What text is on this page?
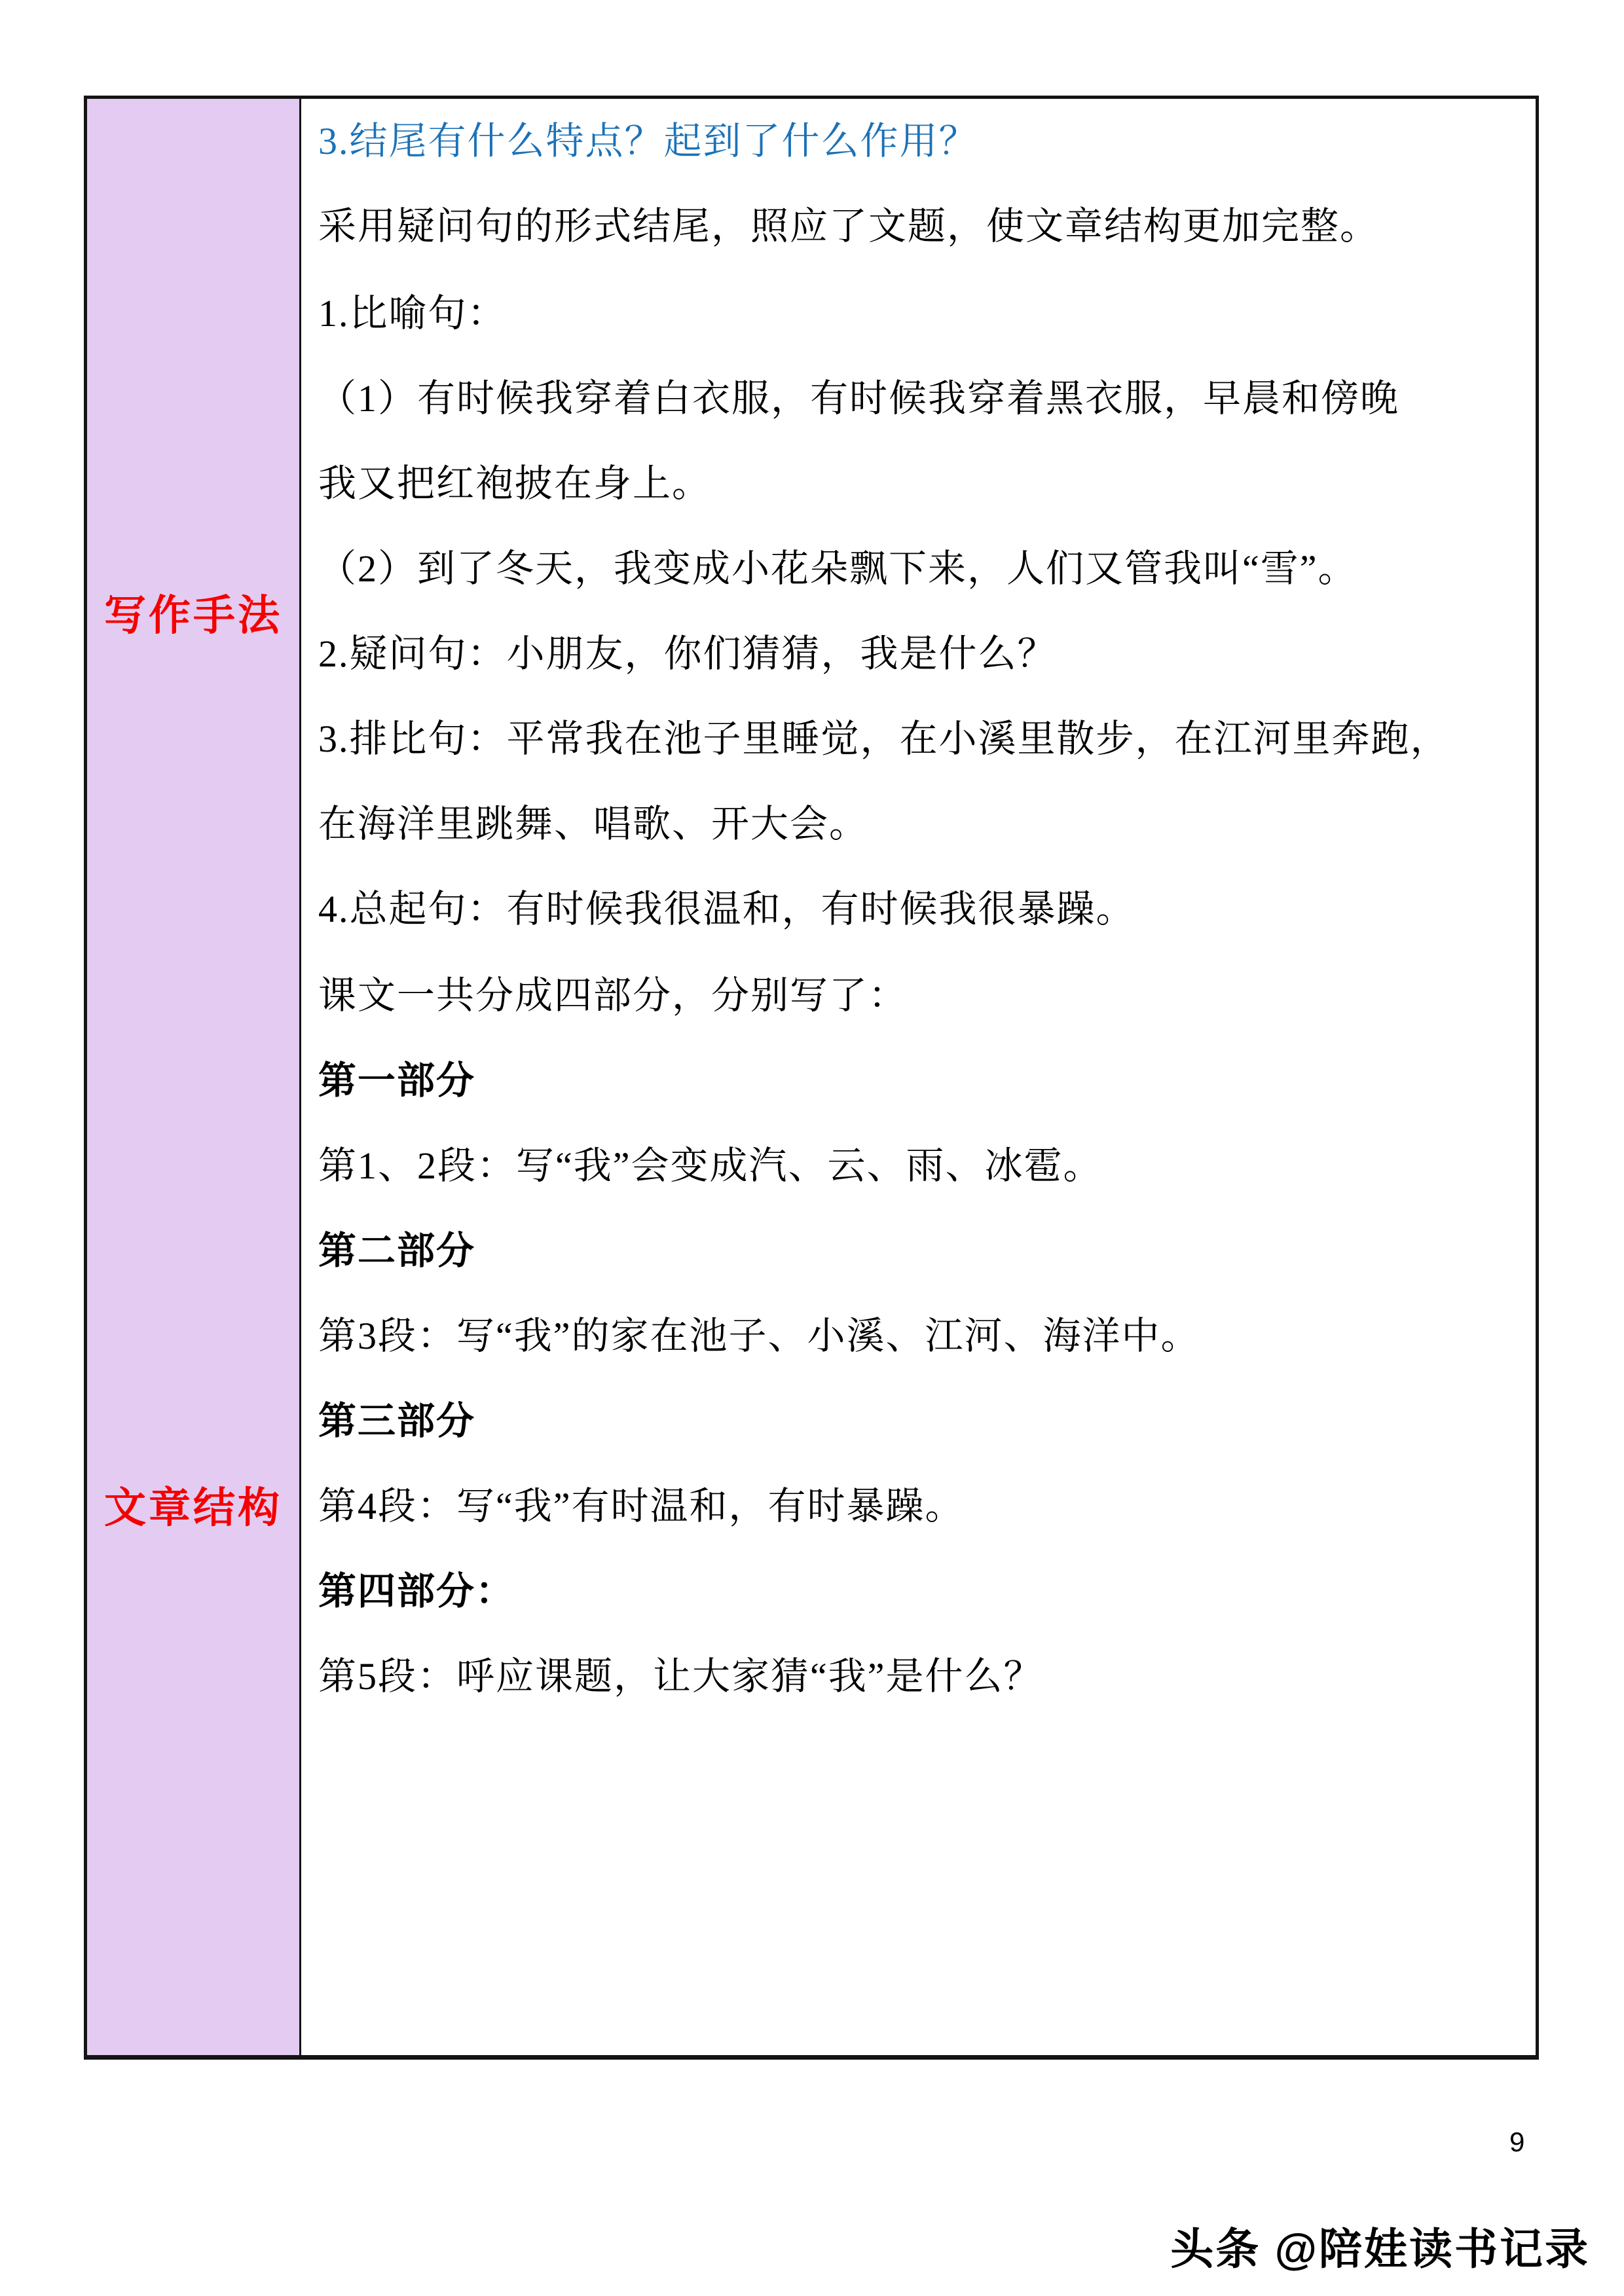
3.结尾有什么特点？起到了什么作用？
采用疑问句的形式结尾，照应了文题，使文章结构更加完整。
写作手法
1.比喻句：
（1）有时候我穿着白衣服，有时候我穿着黑衣服，早晨和傍晚
我又把红袍披在身上。
（2）到了冬天，我变成小花朵飘下来，人们又管我叫“雪”。
2.疑问句：小朋友，你们猜猜，我是什么？
3.排比句：平常我在池子里睡觉，在小溪里散步，在江河里奔跑，
在海洋里跳舞、唱歌、开大会。
4.总起句：有时候我很温和，有时候我很暴躁。
文章结构
课文一共分成四部分，分别写了：
第一部分
第1、2段：写“我”会变成汽、云、雨、冰雹。
第二部分
第3段：写“我”的家在池子、小溪、江河、海洋中。
第三部分
第4段：写“我”有时温和，有时暴躁。
第四部分：
第5段：呼应课题，让大家猜“我”是什么？
9
头条 @陪娃读书记录
